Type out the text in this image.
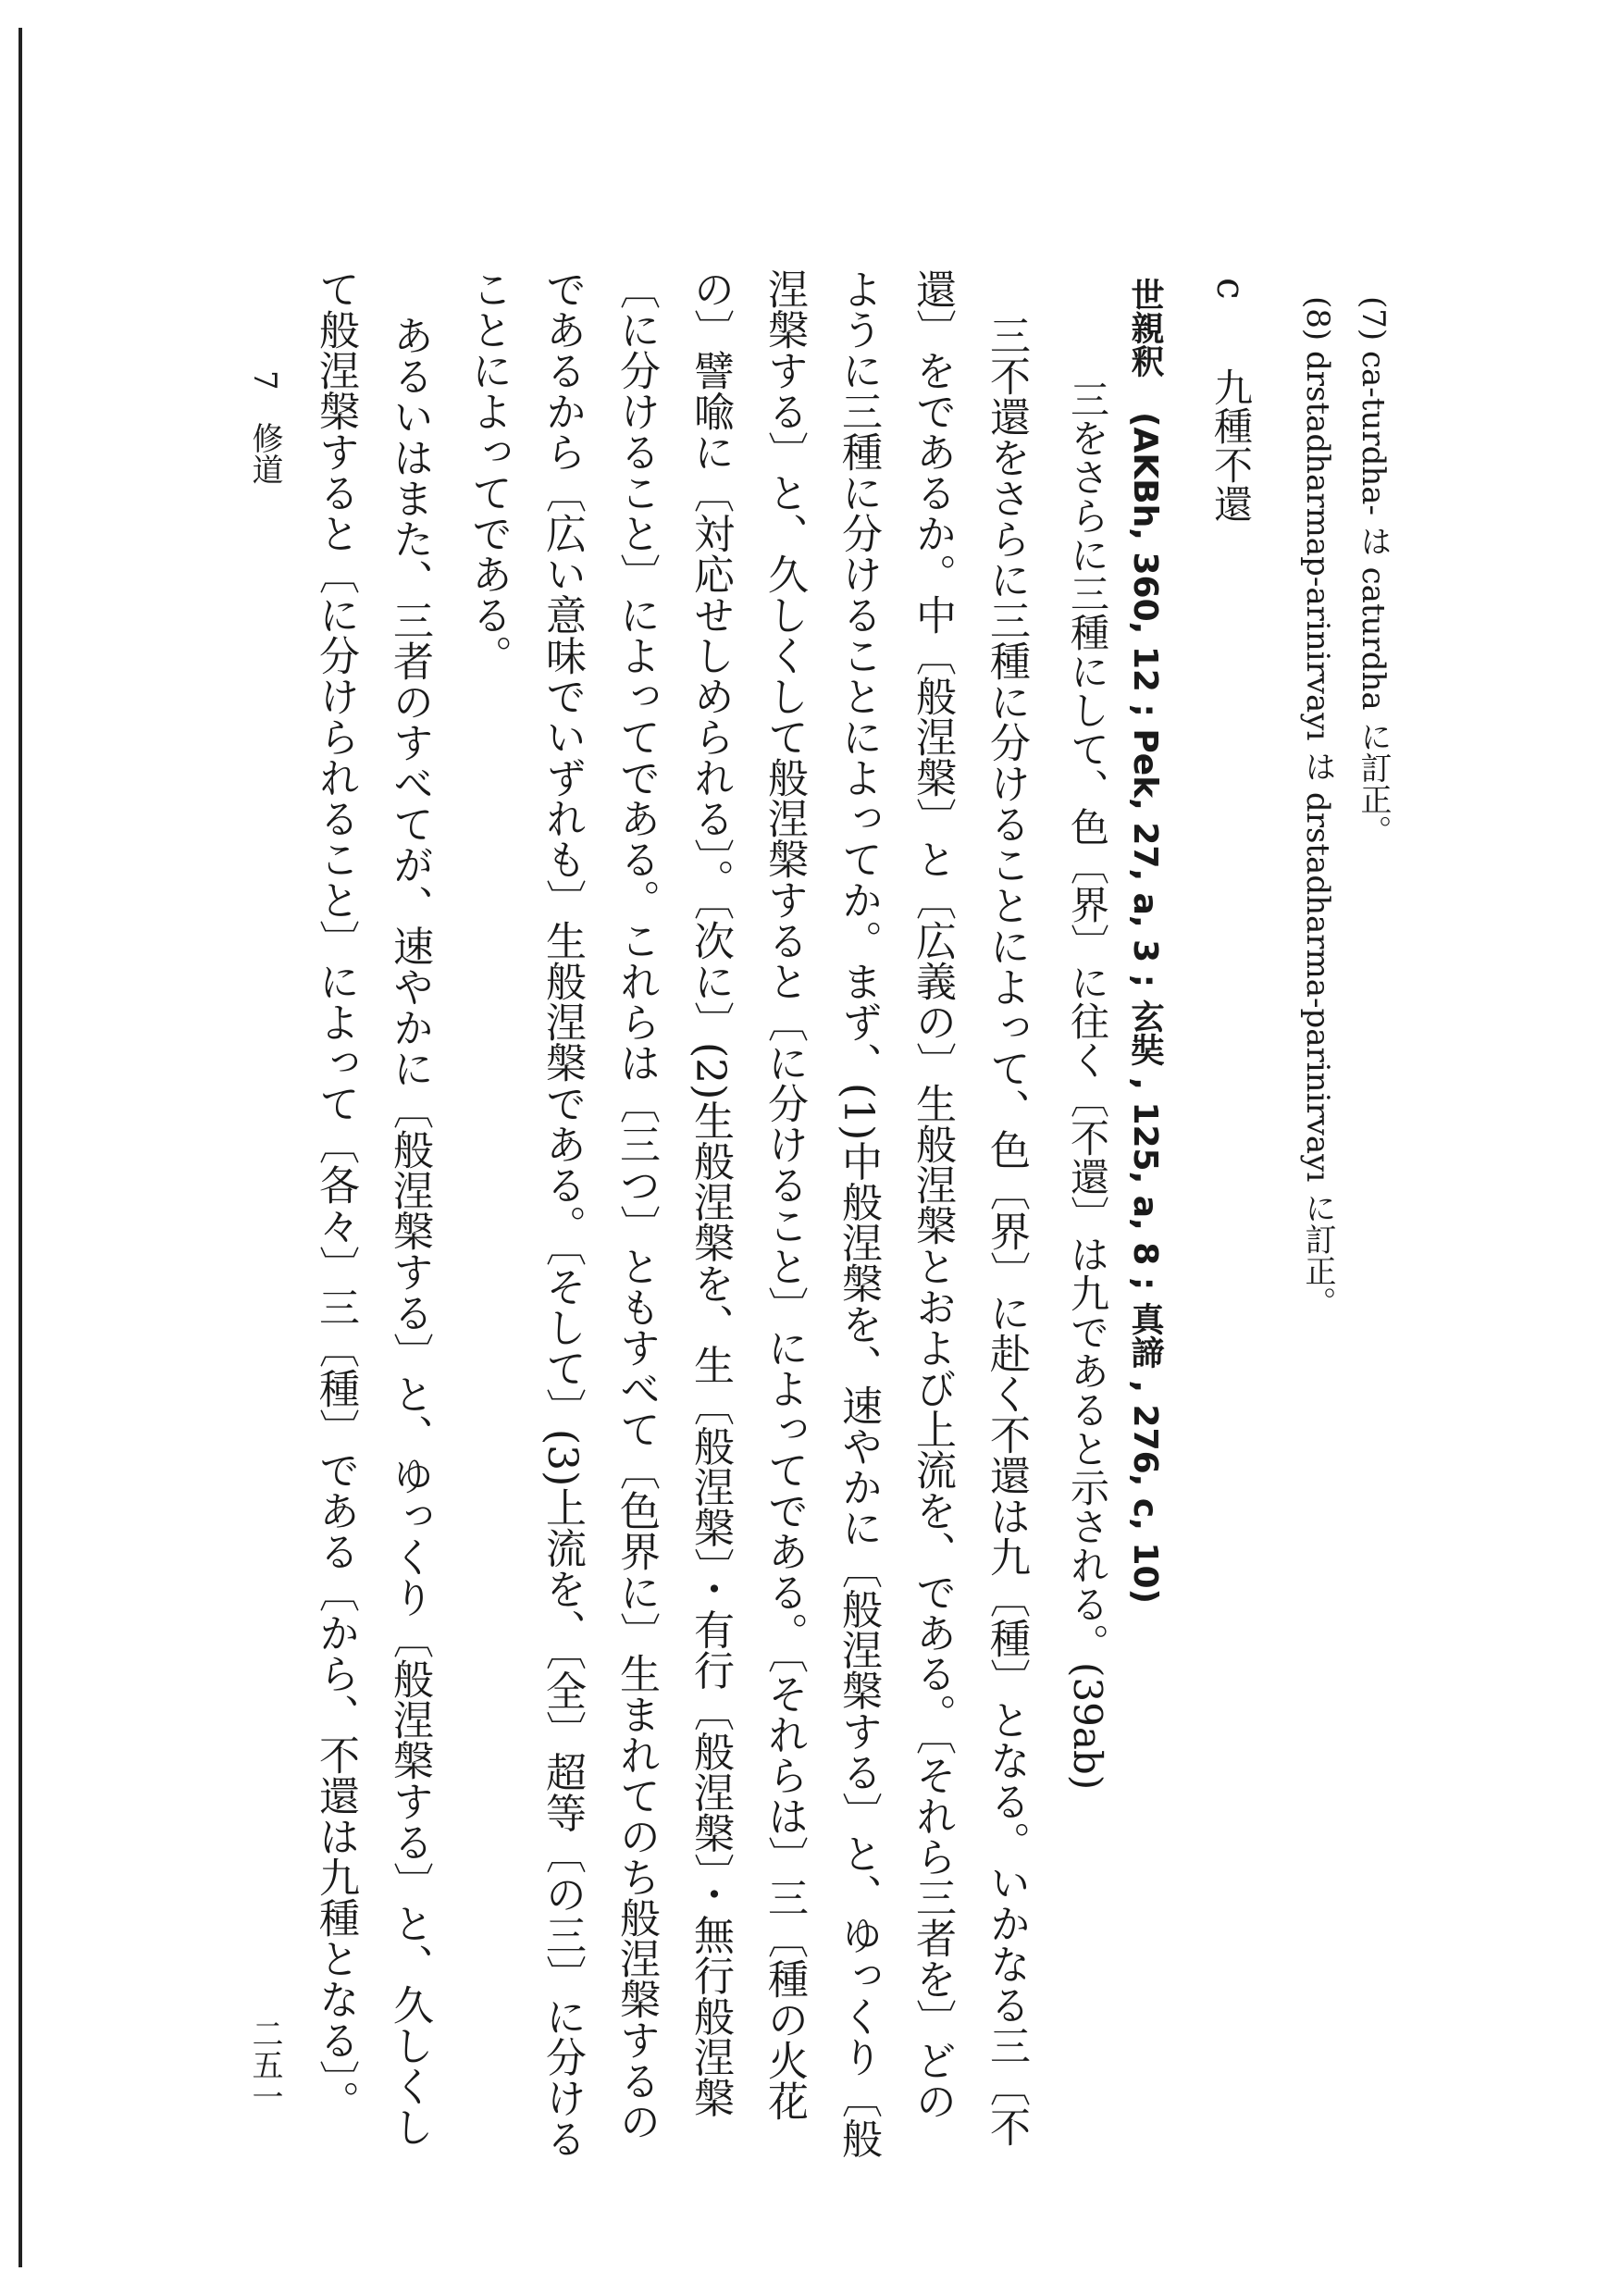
(7) ca-turdha- は caturdha に訂正。
(8) drstadharmap-arinirvayı は drstadharma-parinirvayı に訂正。
c 九種不還
世親釈 (AKBh, 360, 12 ; Pek, 27, a, 3 ; 玄奘 , 125, a, 8 ; 真諦 , 276, c, 10)
三をさらに三種にして、色〔界〕に往く〔不還〕は九であると示される。(39ab)
三不還をさらに三種に分けることによって、色〔界〕に赴く不還は九〔種〕となる。いかなる三〔不
還〕をであるか。中〔般涅槃〕と〔広義の〕生般涅槃とおよび上流を、である。〔それら三者を〕どの
ように三種に分けることによってか。まず、(1)中般涅槃を、速やかに〔般涅槃する〕と、ゆっくり〔般
涅槃する〕と、久しくして般涅槃すると〔に分けること〕によってである。〔それらは〕三〔種の火花
の〕譬喩に〔対応せしめられる〕。〔次に〕(2)生般涅槃を、生〔般涅槃〕・有行〔般涅槃〕・無行般涅槃
〔に分けること〕によってである。これらは〔三つ〕ともすべて〔色界に〕生まれてのち般涅槃するの
であるから〔広い意味でいずれも〕生般涅槃である。〔そして〕(3)上流を、〔全〕超等〔の三〕に分ける
ことによってである。
あるいはまた、三者のすべてが、速やかに〔般涅槃する〕と、ゆっくり〔般涅槃する〕と、久しくし
て般涅槃すると〔に分けられること〕によって〔各々〕三〔種〕である〔から、不還は九種となる〕。
7 修道
二五一
